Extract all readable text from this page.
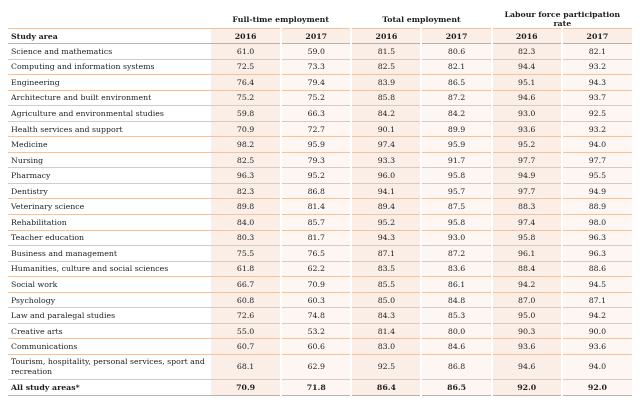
	Full-time employment		Total employment		Labour force participation rate	
Study area	2016	2017	2016	2017	2016	2017
Science and mathematics	61.0	59.0	81.5	80.6	82.3	82.1
Computing and information systems	72.5	73.3	82.5	82.1	94.4	93.2
Engineering	76.4	79.4	83.9	86.5	95.1	94.3
Architecture and built environment	75.2	75.2	85.8	87.2	94.6	93.7
Agriculture and environmental studies	59.8	66.3	84.2	84.2	93.0	92.5
Health services and support	70.9	72.7	90.1	89.9	93.6	93.2
Medicine	98.2	95.9	97.4	95.9	95.2	94.0
Nursing	82.5	79.3	93.3	91.7	97.7	97.7
Pharmacy	96.3	95.2	96.0	95.8	94.9	95.5
Dentistry	82.3	86.8	94.1	95.7	97.7	94.9
Veterinary science	89.8	81.4	89.4	87.5	88.3	88.9
Rehabilitation	84.0	85.7	95.2	95.8	97.4	98.0
Teacher education	80.3	81.7	94.3	93.0	95.8	96.3
Business and management	75.5	76.5	87.1	87.2	96.1	96.3
Humanities, culture and social sciences	61.8	62.2	83.5	83.6	88.4	88.6
Social work	66.7	70.9	85.5	86.1	94.2	94.5
Psychology	60.8	60.3	85.0	84.8	87.0	87.1
Law and paralegal studies	72.6	74.8	84.3	85.3	95.0	94.2
Creative arts	55.0	53.2	81.4	80.0	90.3	90.0
Communications	60.7	60.6	83.0	84.6	93.6	93.6
Tourism, hospitality, personal services, sport and recreation	68.1	62.9	92.5	86.8	94.6	94.0
All study areas*	70.9	71.8	86.4	86.5	92.0	92.0
